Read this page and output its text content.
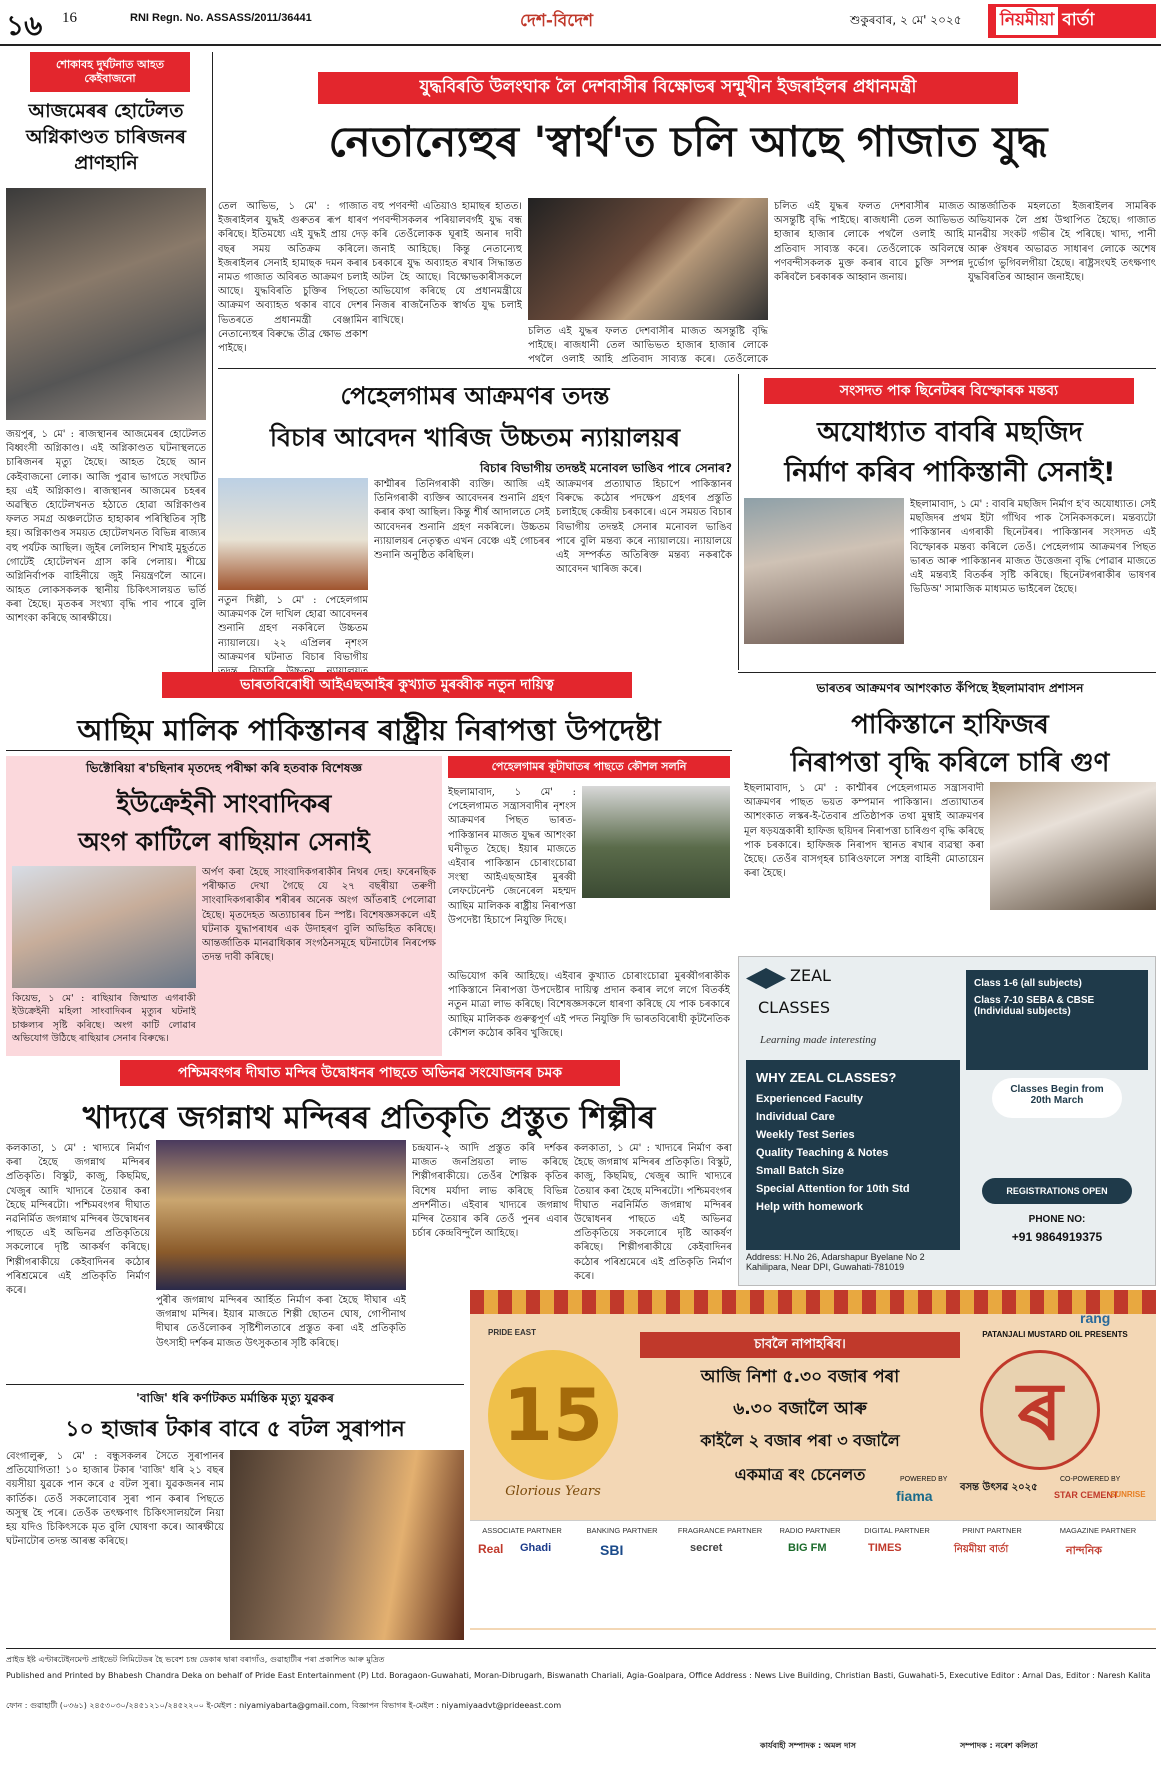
১৬ 16	RNI Regn. No. ASSASS/2011/36441	দেশ-বিদেশ	শুকুৰবাৰ, ২ মে' ২০২৫ নিয়মীয়া বাৰ্তা
শোকাবহ দুৰ্ঘটনাত আহত কেইবাজনো
আজমেৰৰ হোটেলত অগ্নিকাণ্ডত চাৰিজনৰ প্ৰাণহানি
জয়পুৰ, ১ মে' : ৰাজস্থানৰ আজমেৰৰ হোটেলত বিধ্বংসী অগ্নিকাণ্ড। এই অগ্নিকাণ্ডত ঘটনাস্থলতে চাৰিজনৰ মৃত্যু হৈছে। আহত হৈছে আন কেইবাজনো লোক। আজি পুৱাৰ ভাগতে সংঘটিত হয় এই অগ্নিকাণ্ড। ৰাজস্থানৰ আজমেৰ চহৰৰ অৱস্থিত হোটেলখনত হঠাতে হোৱা অগ্নিকাণ্ডৰ ফলত সমগ্ৰ অঞ্চলটোত হাহাকাৰ পৰিস্থিতিৰ সৃষ্টি হয়। অগ্নিকাণ্ডৰ সময়ত হোটেলখনত বিভিন্ন ৰাজ্যৰ বহু পৰ্যটক আছিল। জুইৰ লেলিহান শিখাই মুহূৰ্ততে গোটেই হোটেলখন গ্ৰাস কৰি পেলায়। শীঘ্ৰে অগ্নিনিৰ্বাপক বাহিনীয়ে জুই নিয়ন্ত্ৰণলৈ আনে। আহত লোকসকলক স্থানীয় চিকিৎসালয়ত ভৰ্তি কৰা হৈছে। মৃতকৰ সংখ্যা বৃদ্ধি পাব পাৰে বুলি আশংকা কৰিছে আৰক্ষীয়ে।
যুদ্ধবিৰতি উলংঘাক লৈ দেশবাসীৰ বিক্ষোভৰ সন্মুখীন ইজৰাইলৰ প্ৰধানমন্ত্ৰী
নেতান্যেহুৰ 'স্বাৰ্থ'ত চলি আছে গাজাত যুদ্ধ
তেল আভিভ, ১ মে' : গাজাত ইজৰাইলৰ যুদ্ধই গুৰুতৰ ৰূপ ধাৰণ কৰিছে। ইতিমধ্যে এই যুদ্ধই প্ৰায় দেড় বছৰ সময় অতিক্ৰম কৰিলে। ইজৰাইলৰ সেনাই হামাছক দমন কৰাৰ নামত গাজাত অবিৰত আক্ৰমণ চলাই আছে। যুদ্ধবিৰতি চুক্তিৰ পিছতো আক্ৰমণ অব্যাহত থকাৰ বাবে দেশৰ ভিতৰতে প্ৰধানমন্ত্ৰী বেঞ্জামিন নেতান্যেহুৰ বিৰুদ্ধে তীব্ৰ ক্ষোভ প্ৰকাশ পাইছে।
বহু পণবন্দী এতিয়াও হামাছৰ হাতত। পণবন্দীসকলৰ পৰিয়ালবৰ্গই যুদ্ধ বন্ধ কৰি তেওঁলোকক ঘূৰাই অনাৰ দাবী জনাই আহিছে। কিন্তু নেতান্যেহু চৰকাৰে যুদ্ধ অব্যাহত ৰখাৰ সিদ্ধান্তত অটল হৈ আছে। বিক্ষোভকাৰীসকলে অভিযোগ কৰিছে যে প্ৰধানমন্ত্ৰীয়ে নিজৰ ৰাজনৈতিক স্বাৰ্থত যুদ্ধ চলাই ৰাখিছে।
চলিত এই যুদ্ধৰ ফলত দেশবাসীৰ মাজত অসন্তুষ্টি বৃদ্ধি পাইছে। ৰাজধানী তেল আভিভত হাজাৰ হাজাৰ লোকে পথলৈ ওলাই আহি প্ৰতিবাদ সাব্যস্ত কৰে। তেওঁলোকে
চলিত এই যুদ্ধৰ ফলত দেশবাসীৰ মাজত অসন্তুষ্টি বৃদ্ধি পাইছে। ৰাজধানী তেল আভিভত হাজাৰ হাজাৰ লোকে পথলৈ ওলাই আহি প্ৰতিবাদ সাব্যস্ত কৰে। তেওঁলোকে অবিলম্বে পণবন্দীসকলক মুক্ত কৰাৰ বাবে চুক্তি সম্পন্ন কৰিবলৈ চৰকাৰক আহ্বান জনায়।
আন্তৰ্জাতিক মহলতো ইজৰাইলৰ সামৰিক অভিযানক লৈ প্ৰশ্ন উত্থাপিত হৈছে। গাজাত মানৱীয় সংকট গভীৰ হৈ পৰিছে। খাদ্য, পানী আৰু ঔষধৰ অভাৱত সাধাৰণ লোকে অশেষ দুৰ্ভোগ ভুগিবলগীয়া হৈছে। ৰাষ্ট্ৰসংঘই তৎক্ষণাৎ যুদ্ধবিৰতিৰ আহ্বান জনাইছে।
পেহেলগামৰ আক্ৰমণৰ তদন্ত
বিচাৰ আবেদন খাৰিজ উচ্চতম ন্যায়ালয়ৰ
বিচাৰ বিভাগীয় তদন্তই মনোবল ভাঙিব পাৰে সেনাৰ?
নতুন দিল্লী, ১ মে' : পেহেলগাম আক্ৰমণক লৈ দাখিল হোৱা আবেদনৰ শুনানি গ্ৰহণ নকৰিলে উচ্চতম ন্যায়ালয়ে। ২২ এপ্ৰিলৰ নৃশংস আক্ৰমণৰ ঘটনাত বিচাৰ বিভাগীয়
কাশ্মীৰৰ তিনিগৰাকী ব্যক্তি। আজি এই তিনিগৰাকী ব্যক্তিৰ আবেদনৰ শুনানি গ্ৰহণ কৰাৰ কথা আছিল। কিন্তু শীৰ্ষ আদালতে সেই আবেদনৰ শুনানি গ্ৰহণ নকৰিলে। উচ্চতম ন্যায়ালয়ৰ নেতৃত্বত এখন বেঞ্চে এই গোচৰৰ শুনানি অনুষ্ঠিত কৰিছিল।
আক্ৰমণৰ প্ৰত্যাঘাত হিচাপে পাকিস্তানৰ বিৰুদ্ধে কঠোৰ পদক্ষেপ গ্ৰহণৰ প্ৰস্তুতি চলাইছে কেন্দ্ৰীয় চৰকাৰে। এনে সময়ত বিচাৰ বিভাগীয় তদন্তই সেনাৰ মনোবল ভাঙিব পাৰে বুলি মন্তব্য কৰে ন্যায়ালয়ে। ন্যায়ালয়ে এই সম্পৰ্কত অতিৰিক্ত মন্তব্য নকৰাকৈ আবেদন খাৰিজ কৰে।
সংসদত পাক ছিনেটৰৰ বিস্ফোৰক মন্তব্য
অযোধ্যাত বাবৰি মছজিদ
নিৰ্মাণ কৰিব পাকিস্তানী সেনাই!
ইছলামাবাদ, ১ মে' : বাবৰি মছজিদ নিৰ্মাণ হ'ব অযোধ্যাত। সেই মছজিদৰ প্ৰথম ইটা গাঁথিব পাক সৈনিকসকলে। মন্তব্যটো পাকিস্তানৰ এগৰাকী ছিনেটৰৰ। পাকিস্তানৰ সংসদত এই বিস্ফোৰক মন্তব্য কৰিলে তেওঁ। পেহেলগাম আক্ৰমণৰ পিছত ভাৰত আৰু পাকিস্তানৰ মাজত উত্তেজনা বৃদ্ধি পোৱাৰ মাজতে এই মন্তব্যই বিতৰ্কৰ সৃষ্টি কৰিছে। ছিনেটৰগৰাকীৰ ভাষণৰ ভিডিঅ' সামাজিক মাধ্যমত ভাইৰেল হৈছে।
ভাৰতৰ আক্ৰমণৰ আশংকাত কঁপিছে ইছলামাবাদ প্ৰশাসন
পাকিস্তানে হাফিজৰ
নিৰাপত্তা বৃদ্ধি কৰিলে চাৰি গুণ
ইছলামাবাদ, ১ মে' : কাশ্মীৰৰ পেহেলগামত সন্ত্ৰাসবাদী আক্ৰমণৰ পাছত ভয়ত কম্পমান পাকিস্তান। প্ৰত্যাঘাতৰ আশংকাত লস্কৰ-ই-তৈবাৰ প্ৰতিষ্ঠাপক তথা মুম্বাই আক্ৰমণৰ মূল ষড়যন্ত্ৰকাৰী হাফিজ ছয়িদৰ নিৰাপত্তা চাৰিগুণ বৃদ্ধি কৰিছে পাক চৰকাৰে। হাফিজক নিৰাপদ স্থানত ৰখাৰ ব্যৱস্থা কৰা হৈছে। তেওঁৰ বাসগৃহৰ চাৰিওফালে সশস্ত্ৰ বাহিনী মোতায়েন কৰা হৈছে।
ভাৰতবিৰোধী আইএছআইৰ কুখ্যাত মুৰব্বীক নতুন দায়িত্ব
আছিম মালিক পাকিস্তানৰ ৰাষ্ট্ৰীয় নিৰাপত্তা উপদেষ্টা
পেহেলগামৰ কূটাঘাতৰ পাছতে কৌশল সলনি
ইছলামাবাদ, ১ মে' : পেহেলগামত সন্ত্ৰাসবাদীৰ নৃশংস আক্ৰমণৰ পিছত ভাৰত-পাকিস্তানৰ মাজত যুদ্ধৰ আশংকা ঘনীভূত হৈছে। ইয়াৰ মাজতে এইবাৰ পাকিস্তান চোৰাংচোৱা সংস্থা আইএছআইৰ মুৰব্বী লেফটেনেন্ট জেনেৰেল মহম্মদ আছিম মালিকক ৰাষ্ট্ৰীয় নিৰাপত্তা উপদেষ্টা হিচাপে নিযুক্তি দিছে।
অভিযোগ কৰি আহিছে। এইবাৰ কুখ্যাত চোৰাংচোৱা মুৰব্বীগৰাকীক পাকিস্তানে নিৰাপত্তা উপদেষ্টাৰ দায়িত্ব প্ৰদান কৰাৰ লগে লগে বিতৰ্কই নতুন মাত্ৰা লাভ কৰিছে। বিশেষজ্ঞসকলে ধাৰণা কৰিছে যে পাক চৰকাৰে আছিম মালিকক গুৰুত্বপূৰ্ণ এই পদত নিযুক্তি দি ভাৰতবিৰোধী কূটনৈতিক কৌশল কঠোৰ কৰিব খুজিছে।
ভিক্টোৰিয়া ৰ'চছিনাৰ মৃতদেহ পৰীক্ষা কৰি হতবাক বিশেষজ্ঞ
ইউক্ৰেইনী সাংবাদিকৰ
অংগ কাটিলে ৰাছিয়ান সেনাই
কিয়েভ, ১ মে' : ৰাছিয়াৰ জিম্মাত এগৰাকী ইউক্ৰেইনী মহিলা সাংবাদিকৰ মৃত্যুৰ ঘটনাই চাঞ্চল্যৰ সৃষ্টি কৰিছে। অংগ কাটি লোৱাৰ অভিযোগ উঠিছে ৰাছিয়াৰ সেনাৰ বিৰুদ্ধে।
অৰ্পণ কৰা হৈছে সাংবাদিকগৰাকীৰ নিথৰ দেহ। ফৰেনছিক পৰীক্ষাত দেখা গৈছে যে ২৭ বছৰীয়া তৰুণী সাংবাদিকগৰাকীৰ শৰীৰৰ অনেক অংগ আঁতৰাই পেলোৱা হৈছে। মৃতদেহত অত্যাচাৰৰ চিন স্পষ্ট। বিশেষজ্ঞসকলে এই ঘটনাক যুদ্ধাপৰাধৰ এক উদাহৰণ বুলি অভিহিত কৰিছে। আন্তৰ্জাতিক মানৱাধিকাৰ সংগঠনসমূহে ঘটনাটোৰ নিৰপেক্ষ তদন্ত দাবী কৰিছে।
পশ্চিমবংগৰ দীঘাত মন্দিৰ উদ্বোধনৰ পাছতে অভিনৱ সংযোজনৰ চমক
খাদ্যৰে জগন্নাথ মন্দিৰৰ প্ৰতিকৃতি প্ৰস্তুত শিল্পীৰ
কলকাতা, ১ মে' : খাদ্যৰে নিৰ্মাণ কৰা হৈছে জগন্নাথ মন্দিৰৰ প্ৰতিকৃতি। বিস্কুট, কাজু, কিছমিছ, খেজুৰ আদি খাদ্যৰে তৈয়াৰ কৰা হৈছে মন্দিৰটো। পশ্চিমবংগৰ দীঘাত নৱনিৰ্মিত জগন্নাথ মন্দিৰৰ উদ্বোধনৰ পাছতে এই অভিনৱ প্ৰতিকৃতিয়ে সকলোৰে দৃষ্টি আকৰ্ষণ কৰিছে। শিল্পীগৰাকীয়ে কেইবাদিনৰ কঠোৰ পৰিশ্ৰমেৰে এই প্ৰতিকৃতি নিৰ্মাণ কৰে।
পুৰীৰ জগন্নাথ মন্দিৰৰ আৰ্হিত নিৰ্মাণ কৰা হৈছে দীঘাৰ এই জগন্নাথ মন্দিৰ। ইয়াৰ মাজতে শিল্পী ছোতন ঘোষ, গোপীনাথ দীঘাৰ তেওঁলোকৰ সৃষ্টিশীলতাৰে প্ৰস্তুত কৰা এই প্ৰতিকৃতি উৎসাহী দৰ্শকৰ মাজত উৎসুকতাৰ সৃষ্টি কৰিছে।
চন্দ্ৰযান-২ আদি প্ৰস্তুত কৰি দৰ্শকৰ মাজত জনপ্ৰিয়তা লাভ কৰিছে শিল্পীগৰাকীয়ে। তেওঁৰ শৈল্পিক কৃতিৰ বিশেষ মৰ্যাদা লাভ কৰিছে বিভিন্ন প্ৰদৰ্শনীত। এইবাৰ খাদ্যৰে জগন্নাথ মন্দিৰ তৈয়াৰ কৰি তেওঁ পুনৰ এবাৰ চৰ্চাৰ কেন্দ্ৰবিন্দুলৈ আহিছে।
কলকাতা, ১ মে' : খাদ্যৰে নিৰ্মাণ কৰা হৈছে জগন্নাথ মন্দিৰৰ প্ৰতিকৃতি। বিস্কুট, কাজু, কিছমিছ, খেজুৰ আদি খাদ্যৰে তৈয়াৰ কৰা হৈছে মন্দিৰটো। পশ্চিমবংগৰ দীঘাত নৱনিৰ্মিত জগন্নাথ মন্দিৰৰ উদ্বোধনৰ পাছতে এই অভিনৱ প্ৰতিকৃতিয়ে সকলোৰে দৃষ্টি আকৰ্ষণ কৰিছে। শিল্পীগৰাকীয়ে কেইবাদিনৰ কঠোৰ পৰিশ্ৰমেৰে এই প্ৰতিকৃতি নিৰ্মাণ কৰে।
'বাজি' ধৰি কৰ্ণাটকত মৰ্মান্তিক মৃত্যু যুৱকৰ
১০ হাজাৰ টকাৰ বাবে ৫ বটল সুৰাপান
বেংগালুৰু, ১ মে' : বন্ধুসকলৰ সৈতে সুৰাপানৰ প্ৰতিযোগিতা! ১০ হাজাৰ টকাৰ 'বাজি' ধৰি ২১ বছৰ বয়সীয়া যুৱকে পান কৰে ৫ বটল সুৰা। যুৱকজনৰ নাম কাৰ্তিক। তেওঁ সকলোবোৰ সুৰা পান কৰাৰ পিছতে অসুস্থ হৈ পৰে। তেওঁক তৎক্ষণাৎ চিকিৎসালয়লৈ নিয়া হয় যদিও চিকিৎসকে মৃত বুলি ঘোষণা কৰে। আৰক্ষীয়ে ঘটনাটোৰ তদন্ত আৰম্ভ কৰিছে।
ZEAL
CLASSES
Learning made interesting
Class 1-6 (all subjects)
Class 7-10 SEBA & CBSE (Individual subjects)
Classes Begin from 20th March
WHY ZEAL CLASSES?
Experienced Faculty
Individual Care
Weekly Test Series
Quality Teaching & Notes
Small Batch Size
Special Attention for 10th Std
Help with homework
Address: H.No 26, Adarshapur Byelane No 2 Kahilipara, Near DPI, Guwahati-781019
REGISTRATIONS OPEN
PHONE NO:
+91 9864919375
PRIDE EAST
15
Glorious Years
চাবলৈ নাপাহৰিব।
আজি নিশা ৫.৩০ বজাৰ পৰা
৬.৩০ বজালৈ আৰু
কাইলৈ ২ বজাৰ পৰা ৩ বজালৈ
একমাত্ৰ ৰং চেনেলত
PATANJALI MUSTARD OIL PRESENTS
rang
ৰ
POWERED BY
fiama
বসন্ত উৎসৱ ২০২৫
CO-POWERED BY
STAR CEMENT
SUNRISE
ASSOCIATE PARTNER
Real Ghadi
BANKING PARTNER
SBI
FRAGRANCE PARTNER
secret
RADIO PARTNER
BIG FM
DIGITAL PARTNER
TIMES
PRINT PARTNER
নিয়মীয়া বাৰ্তা
MAGAZINE PARTNER
নান্দনিক
প্ৰাইড ইষ্ট এণ্টাৰটেইনমেণ্ট প্ৰাইভেট লিমিটেডৰ হৈ ভবেশ চন্দ্ৰ ডেকাৰ দ্বাৰা বৰাগাঁও, গুৱাহাটীৰ পৰা প্ৰকাশিত আৰু মুদ্ৰিত
Published and Printed by Bhabesh Chandra Deka on behalf of Pride East Entertainment (P) Ltd. Boragaon-Guwahati, Moran-Dibrugarh, Biswanath Chariali, Agia-Goalpara, Office Address : News Live Building, Christian Basti, Guwahati-5, Executive Editor : Arnal Das, Editor : Naresh Kalita
ফোন : গুৱাহাটী (০৩৬১) ২৪৫৩০৩০/২৪৫১২১০/২৪৫২২০০ ই-মেইল : niyamiyabarta@gmail.com, বিজ্ঞাপন বিভাগৰ ই-মেইল : niyamiyaadvt@prideeast.com
কাৰ্যবাহী সম্পাদক : অমল দাস	সম্পাদক : নৰেশ কলিতা
